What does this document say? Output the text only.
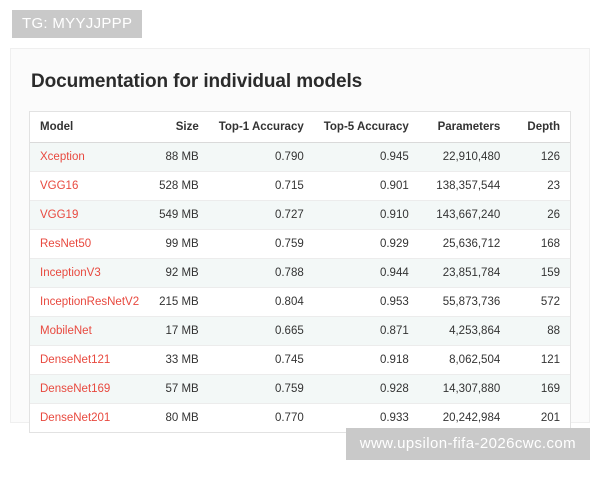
TG: MYYJJPPP
Documentation for individual models
Model	Size	Top-1 Accuracy	Top-5 Accuracy	Parameters	Depth
Xception	88 MB	0.790	0.945	22,910,480	126
VGG16	528 MB	0.715	0.901	138,357,544	23
VGG19	549 MB	0.727	0.910	143,667,240	26
ResNet50	99 MB	0.759	0.929	25,636,712	168
InceptionV3	92 MB	0.788	0.944	23,851,784	159
InceptionResNetV2	215 MB	0.804	0.953	55,873,736	572
MobileNet	17 MB	0.665	0.871	4,253,864	88
DenseNet121	33 MB	0.745	0.918	8,062,504	121
DenseNet169	57 MB	0.759	0.928	14,307,880	169
DenseNet201	80 MB	0.770	0.933	20,242,984	201
www.upsilon-fifa-2026cwc.com
